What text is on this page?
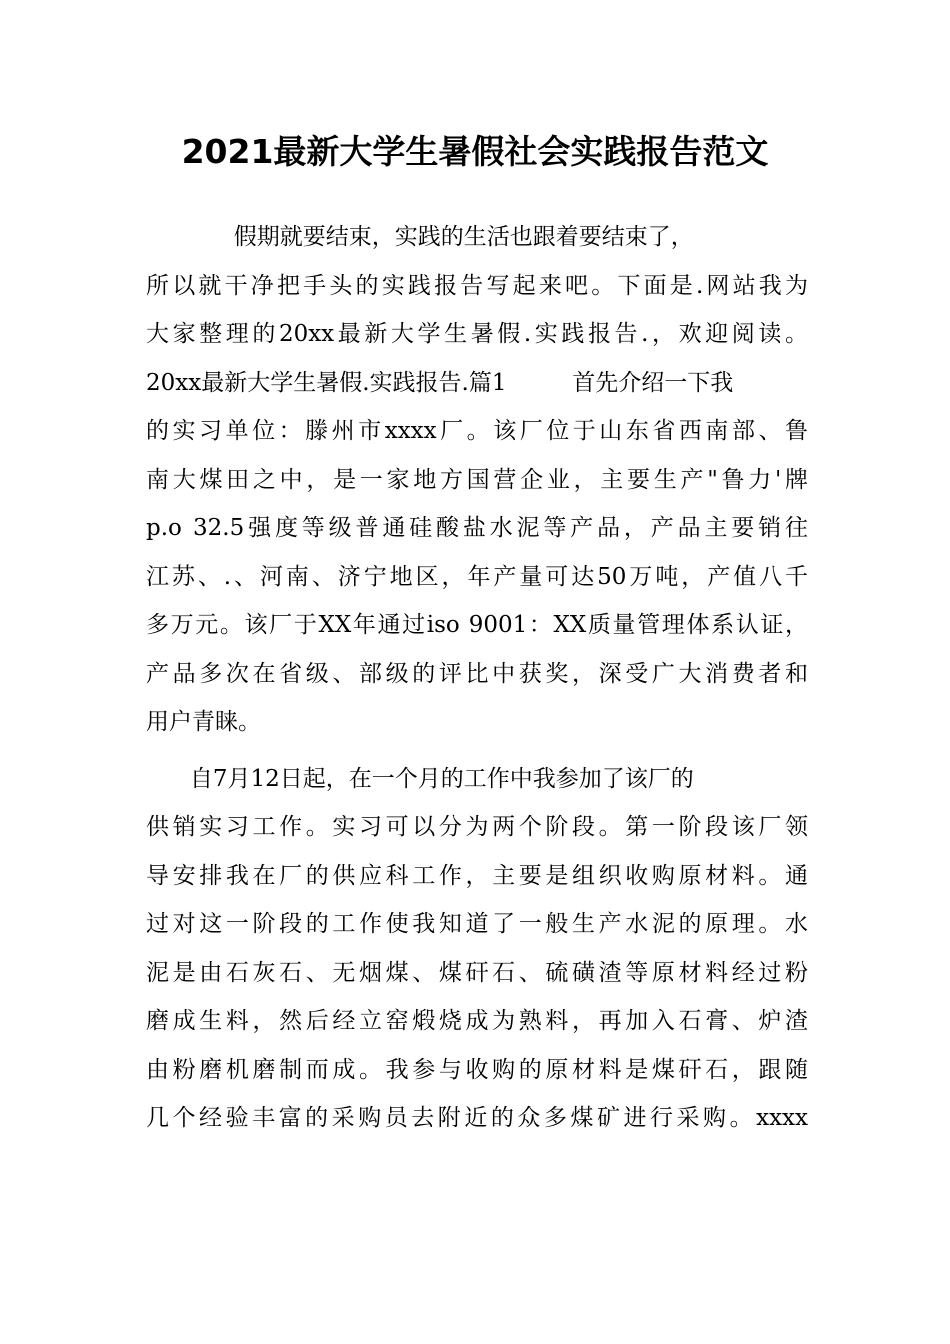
2021最新大学生暑假社会实践报告范文
假期就要结束，实践的生活也跟着要结束了，
所以就干净把手头的实践报告写起来吧。下面是.网站我为
大家整理的20xx最新大学生暑假.实践报告.，欢迎阅读。
20xx最新大学生暑假.实践报告.篇1         首先介绍一下我
的实习单位：滕州市xxxx厂。该厂位于山东省西南部、鲁
南大煤田之中，是一家地方国营企业，主要生产"鲁力'牌
p.o 32.5强度等级普通硅酸盐水泥等产品，产品主要销往
江苏、.、河南、济宁地区，年产量可达50万吨，产值八千
多万元。该厂于XX年通过iso 9001：XX质量管理体系认证，
产品多次在省级、部级的评比中获奖，深受广大消费者和
用户青睐。
自7月12日起，在一个月的工作中我参加了该厂的
供销实习工作。实习可以分为两个阶段。第一阶段该厂领
导安排我在厂的供应科工作，主要是组织收购原材料。通
过对这一阶段的工作使我知道了一般生产水泥的原理。水
泥是由石灰石、无烟煤、煤矸石、硫磺渣等原材料经过粉
磨成生料，然后经立窑煅烧成为熟料，再加入石膏、炉渣
由粉磨机磨制而成。我参与收购的原材料是煤矸石，跟随
几个经验丰富的采购员去附近的众多煤矿进行采购。xxxx
